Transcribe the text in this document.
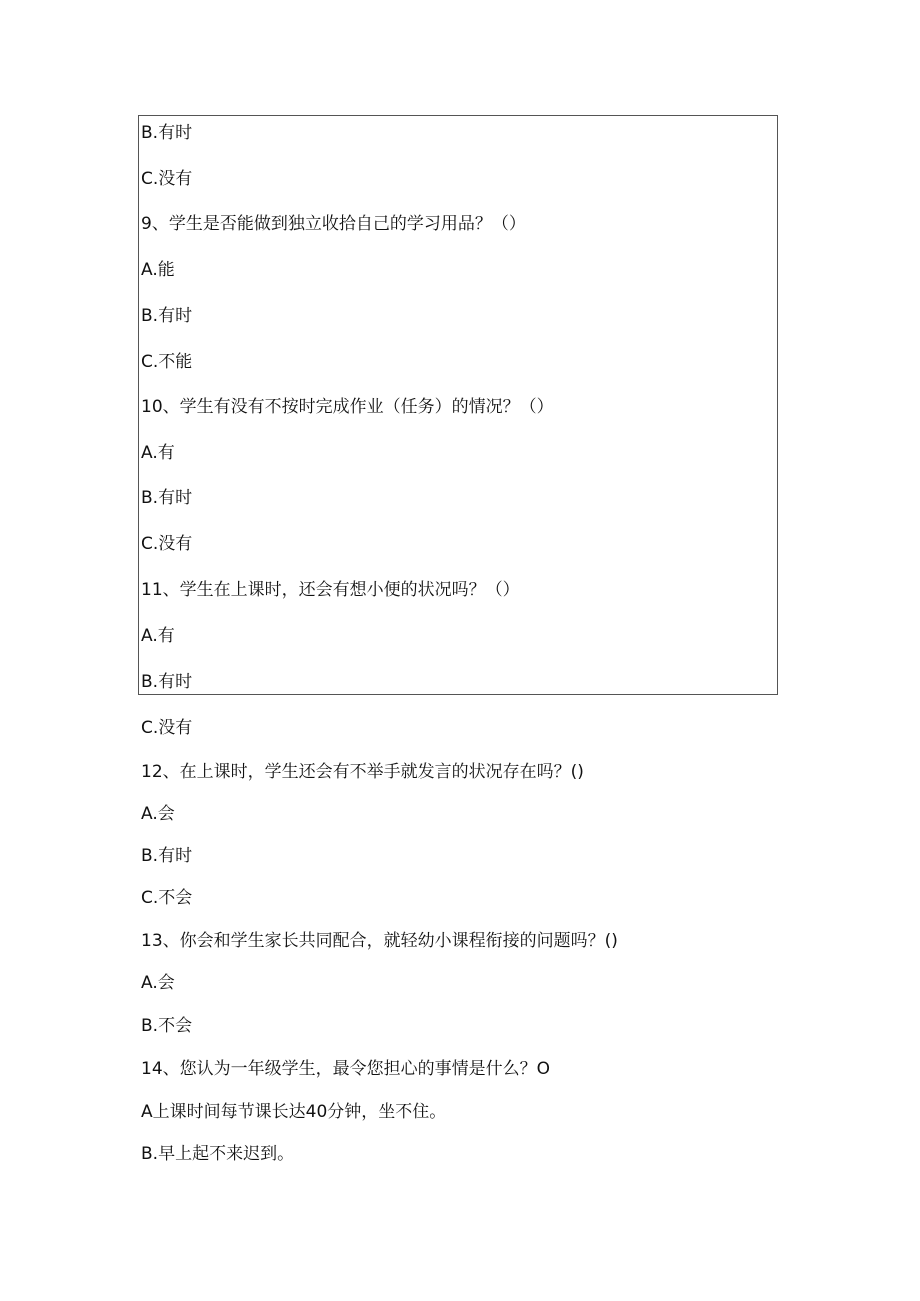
B.有时
C.没有
9、学生是否能做到独立收拾自己的学习用品？（）
A.能
B.有时
C.不能
10、学生有没有不按时完成作业（任务）的情况？（）
A.有
B.有时
C.没有
11、学生在上课时，还会有想小便的状况吗？（）
A.有
B.有时
C.没有
12、在上课时，学生还会有不举手就发言的状况存在吗？()
A.会
B.有时
C.不会
13、你会和学生家长共同配合，就轻幼小课程衔接的问题吗？()
A.会
B.不会
14、您认为一年级学生，最令您担心的事情是什么？O
A上课时间每节课长达40分钟，坐不住。
B.早上起不来迟到。
